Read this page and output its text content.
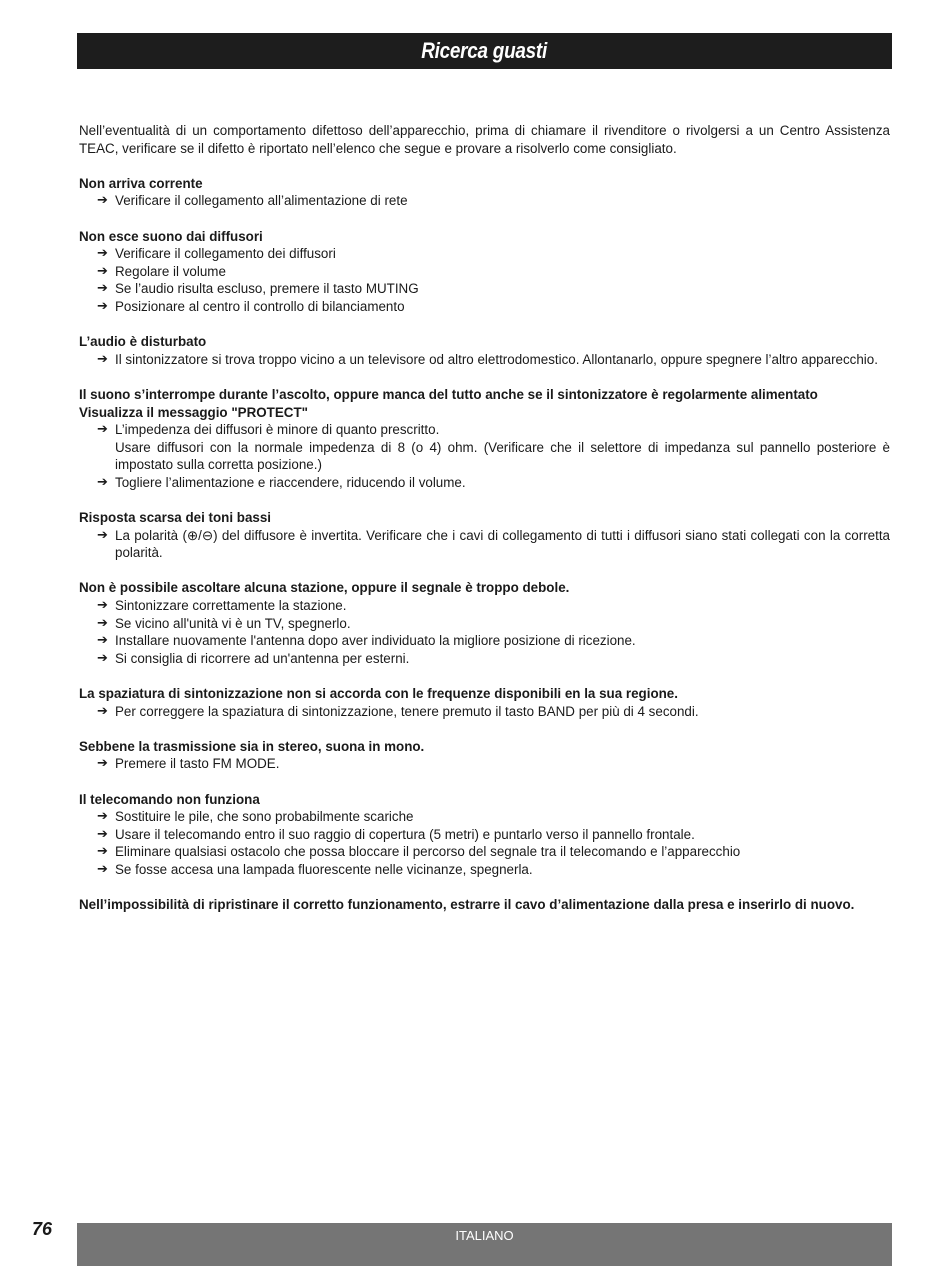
Ricerca guasti

Nell’eventualità di un comportamento difettoso dell’apparecchio, prima di chiamare il rivenditore o rivolgersi a un Centro Assistenza TEAC, verificare se il difetto è riportato nell’elenco che segue e provare a risolverlo come consigliato.

Non arriva corrente

➔ Verificare il collegamento all’alimentazione di rete

Non esce suono dai diffusori

➔ Verificare il collegamento dei diffusori

➔ Regolare il volume

➔ Se l’audio risulta escluso, premere il tasto MUTING

➔ Posizionare al centro il controllo di bilanciamento

L’audio è disturbato

➔ Il sintonizzatore si trova troppo vicino a un televisore od altro elettrodomestico. Allontanarlo, oppure spegnere l’altro apparecchio.

Il suono s’interrompe durante l’ascolto, oppure manca del tutto anche se il sintonizzatore è regolarmente alimentato

Visualizza il messaggio "PROTECT"

➔ L’impedenza dei diffusori è minore di quanto prescritto.

Usare diffusori con la normale impedenza di 8 (o 4) ohm. (Verificare che il selettore di impedanza sul pannello posteriore è impostato sulla corretta posizione.)

➔ Togliere l’alimentazione e riaccendere, riducendo il volume.

Risposta scarsa dei toni bassi

➔ La polarità (⊕/⊖) del diffusore è invertita. Verificare che i cavi di collegamento di tutti i diffusori siano stati collegati con la corretta polarità.

Non è possibile ascoltare alcuna stazione, oppure il segnale è troppo debole.

➔ Sintonizzare correttamente la stazione.

➔ Se vicino all'unità vi è un TV, spegnerlo.

➔ Installare nuovamente l'antenna dopo aver individuato la migliore posizione di ricezione.

➔ Si consiglia di ricorrere ad un'antenna per esterni.

La spaziatura di sintonizzazione non si accorda con le frequenze disponibili en la sua regione.

➔ Per correggere la spaziatura di sintonizzazione, tenere premuto il tasto BAND per più di 4 secondi.

Sebbene la trasmissione sia in stereo, suona in mono.

➔ Premere il tasto FM MODE.

Il telecomando non funziona

➔ Sostituire le pile, che sono probabilmente scariche

➔ Usare il telecomando entro il suo raggio di copertura (5 metri) e puntarlo verso il pannello frontale.

➔ Eliminare qualsiasi ostacolo che possa bloccare il percorso del segnale tra il telecomando e l’apparecchio

➔ Se fosse accesa una lampada fluorescente nelle vicinanze, spegnerla.

Nell’impossibilità di ripristinare il corretto funzionamento, estrarre il cavo d’alimentazione dalla presa e inserirlo di nuovo.

76	ITALIANO
